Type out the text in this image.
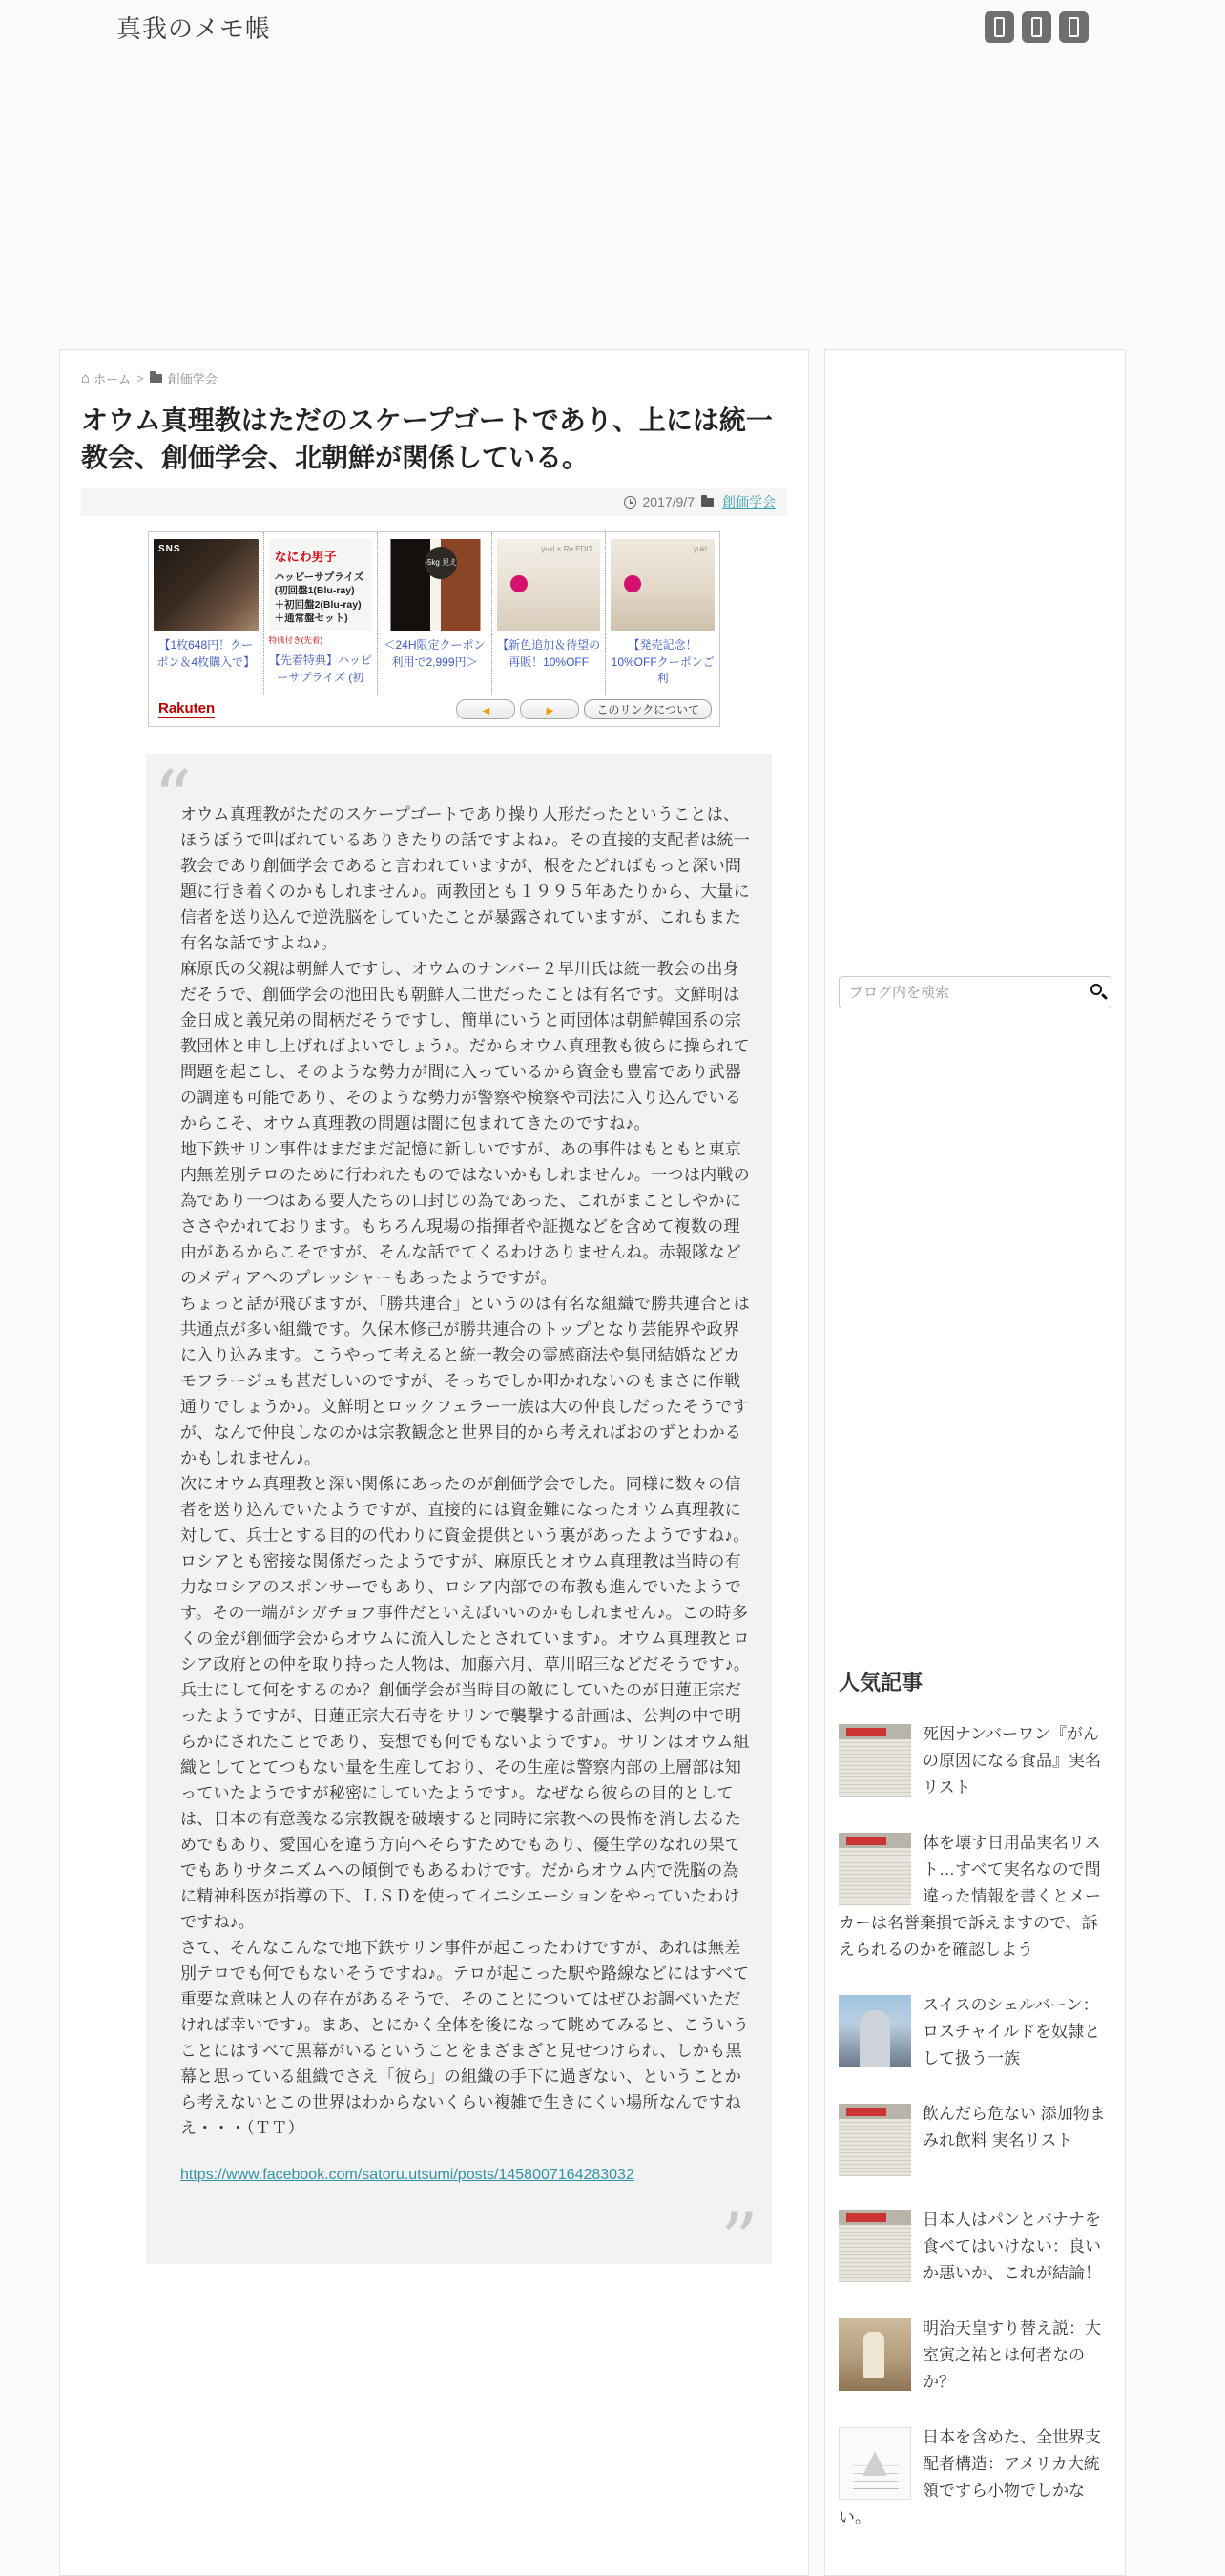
真我のメモ帳
⌂
ホーム > 創価学会
オウム真理教はただのスケープゴートであり、上には統一教会、創価学会、北朝鮮が関係している。
2017/9/7 創価学会
SNS
【1枚648円！クーポン＆4枚購入で】
なにわ男子
ハッピーサプライズ (初回盤1(Blu-ray) ＋初回盤2(Blu-ray) ＋通常盤セット)
特典付き(先着)
【先着特典】ハッピーサプライズ (初
-5kg 見え
＜24H限定クーポン利用で2,999円＞
yuki × Re:EDIT
【新色追加＆待望の再販！10%OFF
yuki
【発売記念！10%OFFクーポンご利
Rakuten ◀ ▶	このリンクについて
“

オウム真理教がただのスケープゴートであり操り人形だったということは、ほうぼうで叫ばれているありきたりの話ですよね♪。その直接的支配者は統一教会であり創価学会であると言われていますが、根をたどればもっと深い問題に行き着くのかもしれません♪。両教団とも１９９５年あたりから、大量に信者を送り込んで逆洗脳をしていたことが暴露されていますが、これもまた有名な話ですよね♪。

麻原氏の父親は朝鮮人ですし、オウムのナンバー２早川氏は統一教会の出身だそうで、創価学会の池田氏も朝鮮人二世だったことは有名です。文鮮明は金日成と義兄弟の間柄だそうですし、簡単にいうと両団体は朝鮮韓国系の宗教団体と申し上げればよいでしょう♪。だからオウム真理教も彼らに操られて問題を起こし、そのような勢力が間に入っているから資金も豊富であり武器の調達も可能であり、そのような勢力が警察や検察や司法に入り込んでいるからこそ、オウム真理教の問題は闇に包まれてきたのですね♪。

地下鉄サリン事件はまだまだ記憶に新しいですが、あの事件はもともと東京内無差別テロのために行われたものではないかもしれません♪。一つは内戦の為であり一つはある要人たちの口封じの為であった、これがまことしやかにささやかれております。もちろん現場の指揮者や証拠などを含めて複数の理由があるからこそですが、そんな話でてくるわけありませんね。赤報隊などのメディアへのプレッシャーもあったようですが。

ちょっと話が飛びますが、「勝共連合」というのは有名な組織で勝共連合とは共通点が多い組織です。久保木修己が勝共連合のトップとなり芸能界や政界に入り込みます。こうやって考えると統一教会の霊感商法や集団結婚などカモフラージュも甚だしいのですが、そっちでしか叩かれないのもまさに作戦通りでしょうか♪。文鮮明とロックフェラー一族は大の仲良しだったそうですが、なんで仲良しなのかは宗教観念と世界目的から考えればおのずとわかるかもしれません♪。

次にオウム真理教と深い関係にあったのが創価学会でした。同様に数々の信者を送り込んでいたようですが、直接的には資金難になったオウム真理教に対して、兵士とする目的の代わりに資金提供という裏があったようですね♪。ロシアとも密接な関係だったようですが、麻原氏とオウム真理教は当時の有力なロシアのスポンサーでもあり、ロシア内部での布教も進んでいたようです。その一端がシガチョフ事件だといえばいいのかもしれません♪。この時多くの金が創価学会からオウムに流入したとされています♪。オウム真理教とロシア政府との仲を取り持った人物は、加藤六月、草川昭三などだそうです♪。

兵士にして何をするのか？創価学会が当時目の敵にしていたのが日蓮正宗だったようですが、日蓮正宗大石寺をサリンで襲撃する計画は、公判の中で明らかにされたことであり、妄想でも何でもないようです♪。サリンはオウム組織としてとてつもない量を生産しており、その生産は警察内部の上層部は知っていたようですが秘密にしていたようです♪。なぜなら彼らの目的としては、日本の有意義なる宗教観を破壊すると同時に宗教への畏怖を消し去るためでもあり、愛国心を違う方向へそらすためでもあり、優生学のなれの果てでもありサタニズムへの傾倒でもあるわけです。だからオウム内で洗脳の為に精神科医が指導の下、ＬＳＤを使ってイニシエーションをやっていたわけですね♪。

さて、そんなこんなで地下鉄サリン事件が起こったわけですが、あれは無差別テロでも何でもないそうですね♪。テロが起こった駅や路線などにはすべて重要な意味と人の存在があるそうで、そのことについてはぜひお調べいただければ幸いです♪。まあ、とにかく全体を後になって眺めてみると、こういうことにはすべて黒幕がいるということをまざまざと見せつけられ、しかも黒幕と思っている組織でさえ「彼ら」の組織の手下に過ぎない、ということから考えないとこの世界はわからないくらい複雑で生きにくい場所なんですねえ・・・（ＴＴ）

https://www.facebook.com/satoru.utsumi/posts/1458007164283032
”
ブログ内を検索
人気記事
死因ナンバーワン『がんの原因になる食品』実名リスト
体を壊す日用品実名リスト…すべて実名なので間違った情報を書くとメーカーは名誉棄損で訴えますので、訴えられるのかを確認しよう
スイスのシェルバーン：ロスチャイルドを奴隷として扱う一族
飲んだら危ない 添加物まみれ飲料 実名リスト
日本人はパンとバナナを食べてはいけない：良いか悪いか、これが結論！
明治天皇すり替え説：大室寅之祐とは何者なのか？
▲
日本を含めた、全世界支配者構造：アメリカ大統領ですら小物でしかない。
